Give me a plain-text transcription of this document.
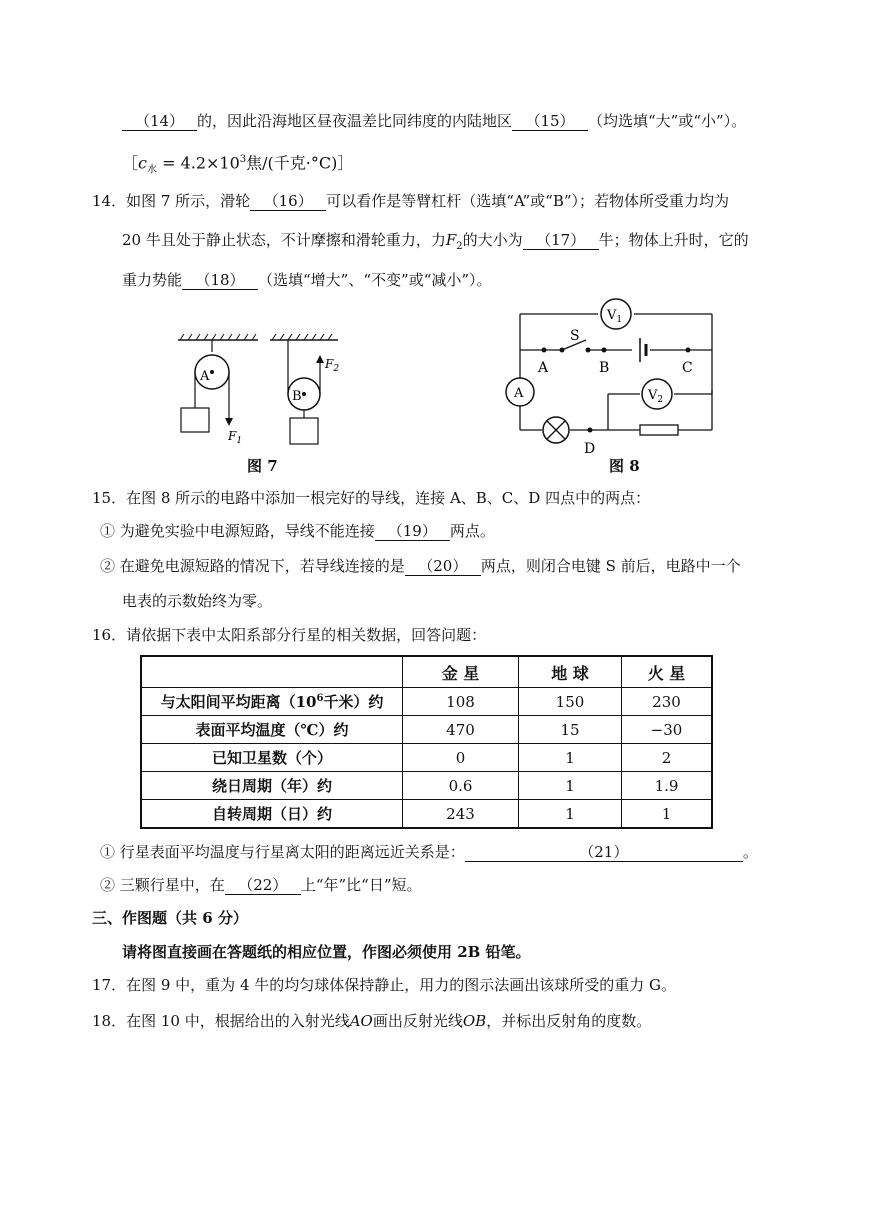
（14） 的，因此沿海地区昼夜温差比同纬度的内陆地区 （15） （均选填“大”或“小”）。
$[c_水 = 4.2\times 10^3$焦/(千克·°C)］
14．如图 7 所示，滑轮 （16） 可以看作是等臂杠杆（选填“A”或“B”）；若物体所受重力均为
20 牛且处于静止状态，不计摩擦和滑轮重力，力$F_2$的大小为 （17） 牛；物体上升时，它的
重力势能 （18） （选填“增大”、“不变”或“减小”）。
A
$F_1$
$F_2$
B
图 7
$V_1$
A	$V_2$
S
A	B	C
D
图 8
15．在图 8 所示的电路中添加一根完好的导线，连接 A、B、C、D 四点中的两点：
① 为避免实验中电源短路，导线不能连接 （19） 两点。
② 在避免电源短路的情况下，若导线连接的是 （20） 两点，则闭合电键 S 前后，电路中一个
电表的示数始终为零。
16．请依据下表中太阳系部分行星的相关数据，回答问题：
	金 星	地 球	火 星
与太阳间平均距离（$10^6$千米）约	108	150	230
表面平均温度（℃）约	470	15	−30
已知卫星数（个）	0	1	2
绕日周期（年）约	0.6	1	1.9
自转周期（日）约	243	1	1
① 行星表面平均温度与行星离太阳的距离远近关系是：	（21）	。
② 三颗行星中，在 （22） 上“年”比“日”短。
三、作图题（共 6 分）
请将图直接画在答题纸的相应位置，作图必须使用 2B 铅笔。
17．在图 9 中，重为 4 牛的均匀球体保持静止，用力的图示法画出该球所受的重力 G。
18．在图 10 中，根据给出的入射光线AO画出反射光线OB，并标出反射角的度数。
